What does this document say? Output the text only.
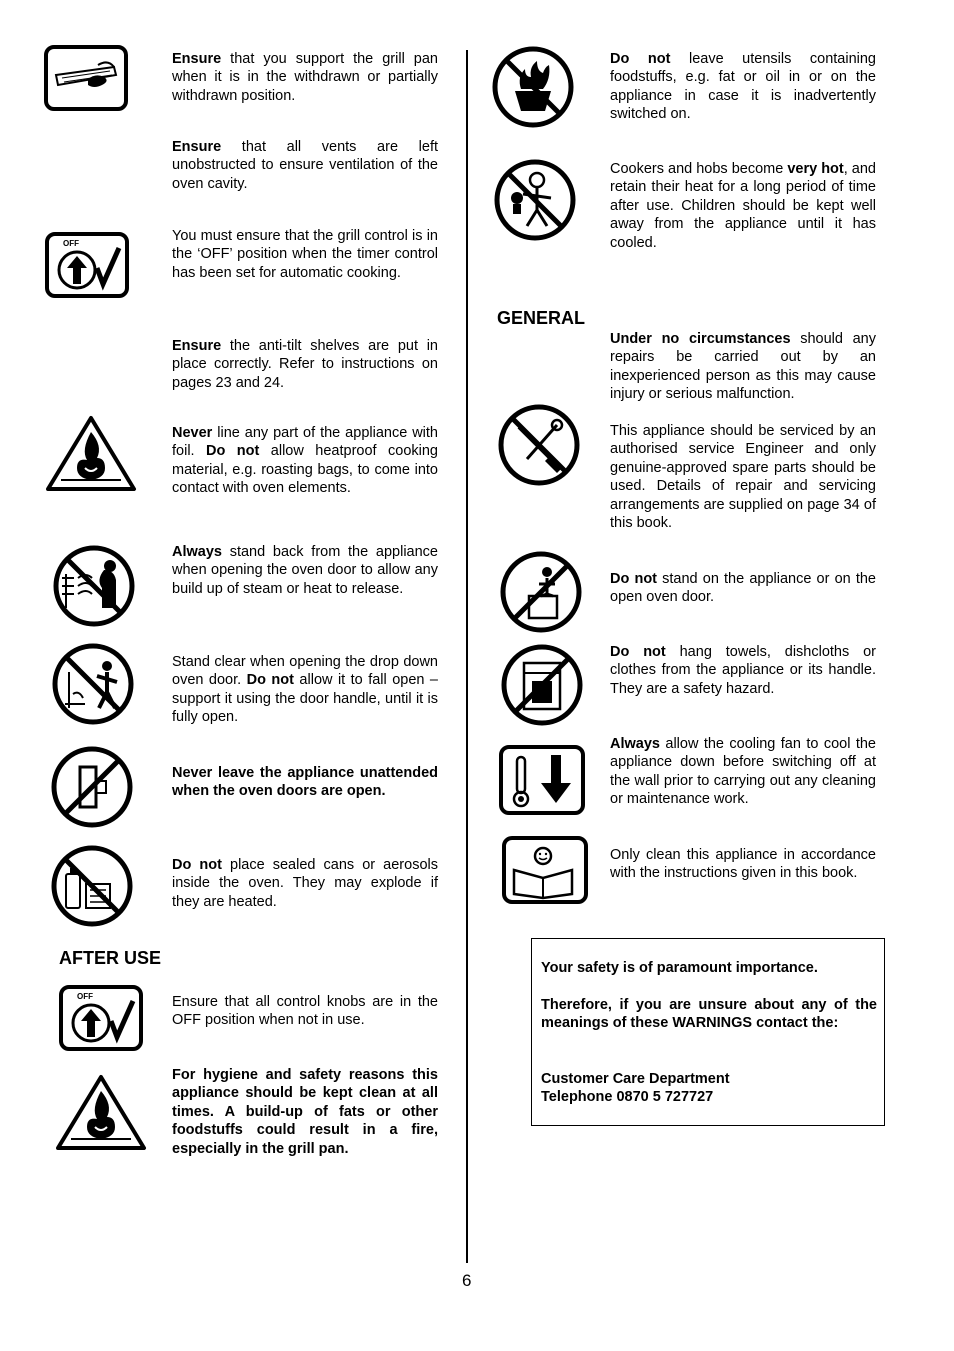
Ensure that you support the grill pan when it is in the withdrawn or partially withdrawn position.
Ensure that all vents are left unobstructed to ensure ventilation of the oven cavity.
OFF	You must ensure that the grill control is in the ‘OFF’ position when the timer control has been set for automatic cooking.
Ensure the anti-tilt shelves are put in place correctly. Refer to instructions on pages 23 and 24.
Never line any part of the appliance with foil. Do not allow heatproof cooking material, e.g. roasting bags, to come into contact with oven elements.
Always stand back from the appliance when opening the oven door to allow any build up of steam or heat to release.
Stand clear when opening the drop down oven door. Do not allow it to fall open – support it using the door handle, until it is fully open.
Never leave the appliance unattended when the oven doors are open.
Do not place sealed cans or aerosols inside the oven. They may explode if they are heated.
AFTER USE
OFF	Ensure that all control knobs are in the OFF position when not in use.
For hygiene and safety reasons this appliance should be kept clean at all times. A build-up of fats or other foodstuffs could result in a fire, especially in the grill pan.
Do not leave utensils containing foodstuffs, e.g. fat or oil in or on the appliance in case it is inadvertently switched on.
Cookers and hobs become very hot, and retain their heat for a long period of time after use. Children should be kept well away from the appliance until it has cooled.
GENERAL
Under no circumstances should any repairs be carried out by an inexperienced person as this may cause injury or serious malfunction.
This appliance should be serviced by an authorised service Engineer and only genuine-approved spare parts should be used. Details of repair and servicing arrangements are supplied on page 34 of this book.
Do not stand on the appliance or on the open oven door.
Do not hang towels, dishcloths or clothes from the appliance or its handle. They are a safety hazard.
Always allow the cooling fan to cool the appliance down before switching off at the wall prior to carrying out any cleaning or maintenance work.
Only clean this appliance in accordance with the instructions given in this book.

Your safety is of paramount importance.

Therefore, if you are unsure about any of the meanings of these WARNINGS contact the:

Customer Care Department

Telephone 0870 5 727727

6
